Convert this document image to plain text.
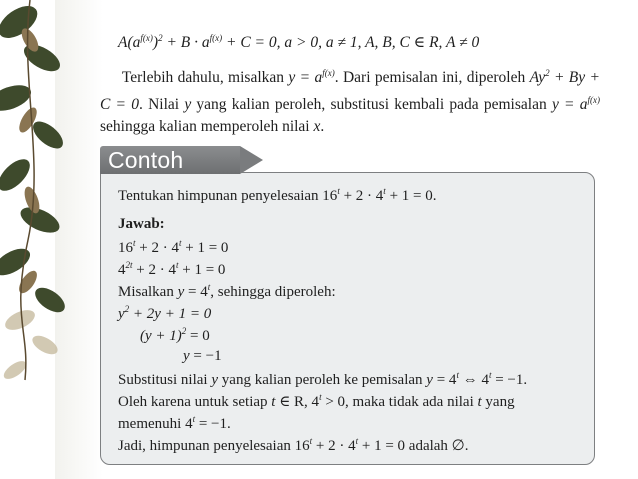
$A(a^{f(x)})^2 + B \cdot a^{f(x)} + C = 0$, a > 0, a ≠ 1, A, B, C ∈ R, A ≠ 0
Terlebih dahulu, misalkan $y = a^{f(x)}$. Dari pemisalan ini, diperoleh $Ay^2 + By + C = 0$. Nilai y yang kalian peroleh, substitusi kembali pada pemisalan $y = a^{f(x)}$ sehingga kalian memperoleh nilai x.
Contoh
Tentukan himpunan penyelesaian $16^t + 2 \cdot 4^t + 1 = 0$.
Jawab:
$16^t + 2 \cdot 4^t + 1 = 0$
$4^{2t} + 2 \cdot 4^t + 1 = 0$
Misalkan $y = 4^t$, sehingga diperoleh:
$y^2 + 2y + 1 = 0$
$(y + 1)^2 = 0$
y = −1
Substitusi nilai y yang kalian peroleh ke pemisalan $y = 4^t$ ⇔ $4^t = -1$.
Oleh karena untuk setiap t ∈ R, $4^t > 0$, maka tidak ada nilai t yang
memenuhi $4^t = -1$.
Jadi, himpunan penyelesaian $16^t + 2 \cdot 4^t + 1 = 0$ adalah ∅.
